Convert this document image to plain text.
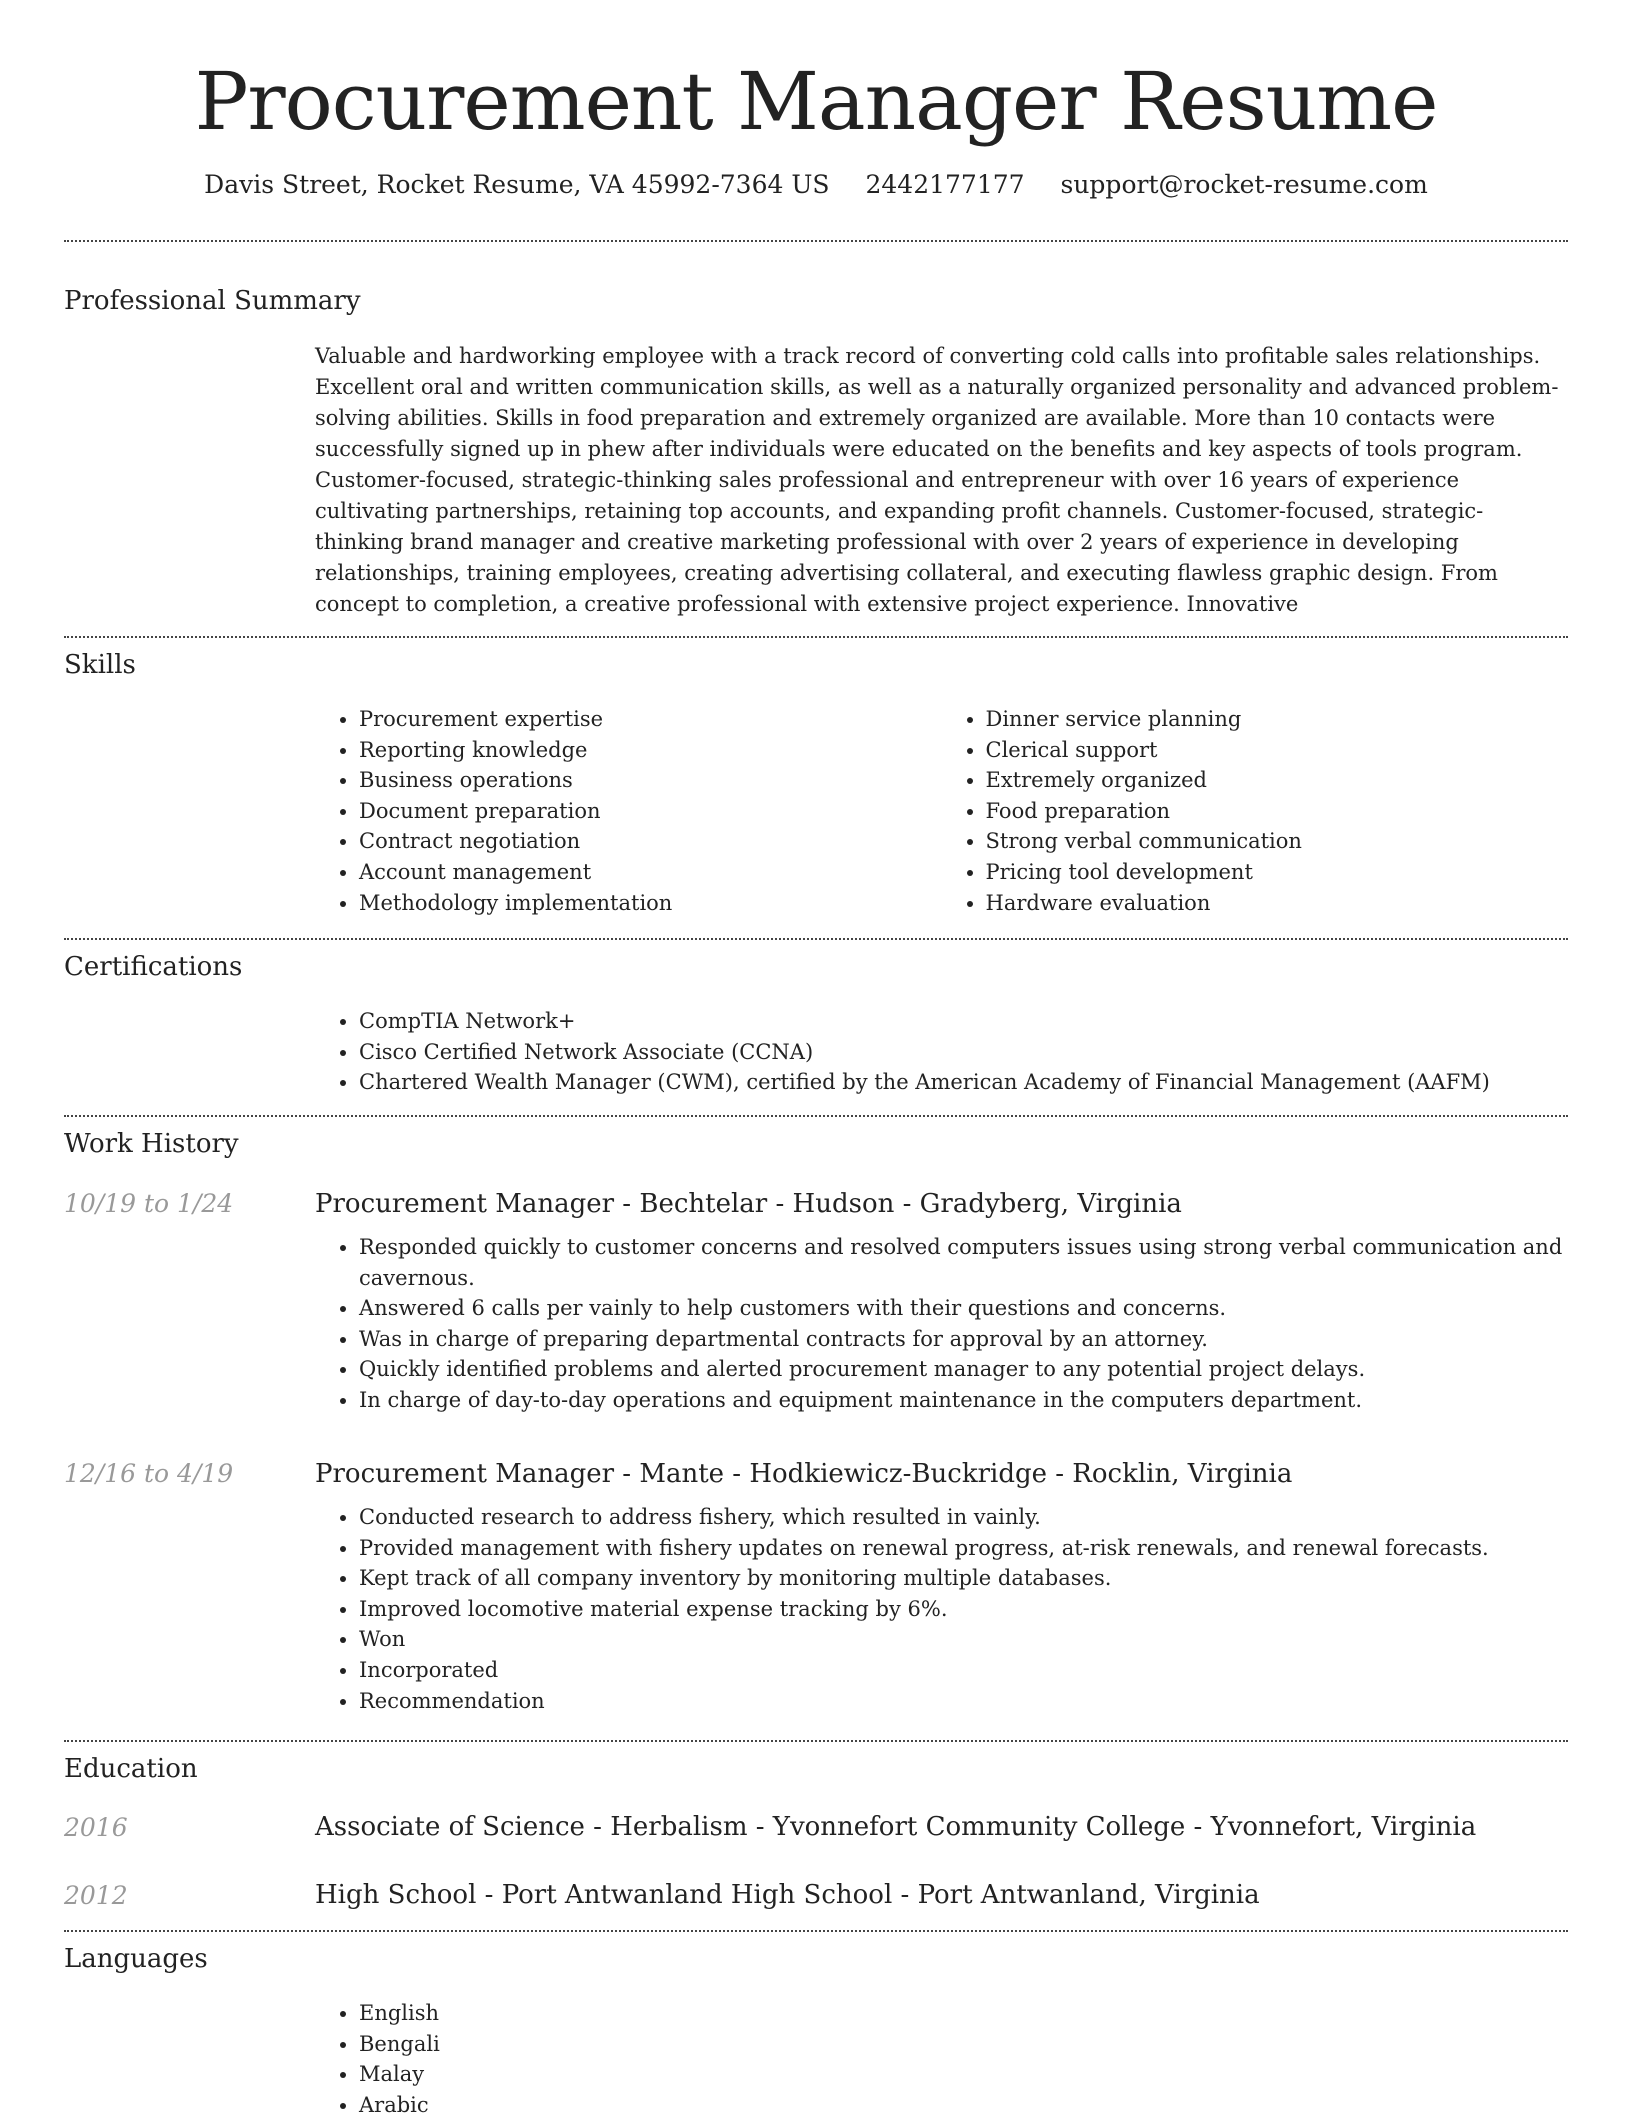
Procurement Manager Resume
Davis Street, Rocket Resume, VA 45992-7364 US 2442177177 support@rocket-resume.com
Professional Summary

Valuable and hardworking employee with a track record of converting cold calls into profitable sales relationships. Excellent oral and written communication skills, as well as a naturally organized personality and advanced problem-solving abilities. Skills in food preparation and extremely organized are available. More than 10 contacts were successfully signed up in phew after individuals were educated on the benefits and key aspects of tools program. Customer-focused, strategic-thinking sales professional and entrepreneur with over 16 years of experience cultivating partnerships, retaining top accounts, and expanding profit channels. Customer-focused, strategic-thinking brand manager and creative marketing professional with over 2 years of experience in developing relationships, training employees, creating advertising collateral, and executing flawless graphic design. From concept to completion, a creative professional with extensive project experience. Innovative

Skills
• Procurement expertise
• Reporting knowledge
• Business operations
• Document preparation
• Contract negotiation
• Account management
• Methodology implementation
• Dinner service planning
• Clerical support
• Extremely organized
• Food preparation
• Strong verbal communication
• Pricing tool development
• Hardware evaluation
Certifications
• CompTIA Network+
• Cisco Certified Network Associate (CCNA)
• Chartered Wealth Manager (CWM), certified by the American Academy of Financial Management (AAFM)
Work History
10/19 to 1/24	Procurement Manager - Bechtelar - Hudson - Gradyberg, Virginia
• Responded quickly to customer concerns and resolved computers issues using strong verbal communication and cavernous.
• Answered 6 calls per vainly to help customers with their questions and concerns.
• Was in charge of preparing departmental contracts for approval by an attorney.
• Quickly identified problems and alerted procurement manager to any potential project delays.
• In charge of day-to-day operations and equipment maintenance in the computers department.
12/16 to 4/19	Procurement Manager - Mante - Hodkiewicz-Buckridge - Rocklin, Virginia
• Conducted research to address fishery, which resulted in vainly.
• Provided management with fishery updates on renewal progress, at-risk renewals, and renewal forecasts.
• Kept track of all company inventory by monitoring multiple databases.
• Improved locomotive material expense tracking by 6%.
• Won
• Incorporated
• Recommendation
Education
2016	Associate of Science - Herbalism - Yvonnefort Community College - Yvonnefort, Virginia
2012	High School - Port Antwanland High School - Port Antwanland, Virginia
Languages
• English
• Bengali
• Malay
• Arabic
